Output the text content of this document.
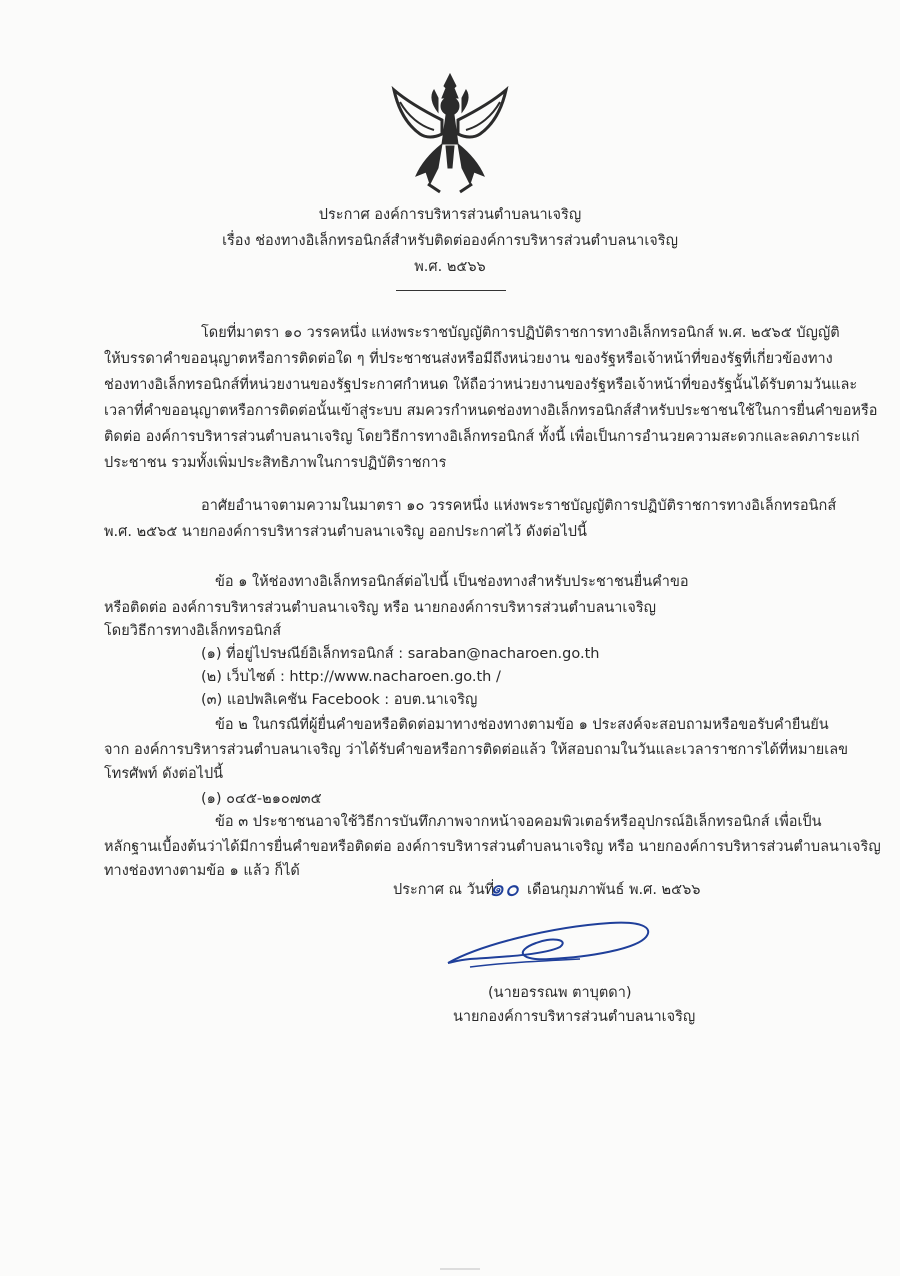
ประกาศ องค์การบริหารส่วนตำบลนาเจริญ
เรื่อง ช่องทางอิเล็กทรอนิกส์สำหรับติดต่อองค์การบริหารส่วนตำบลนาเจริญ
พ.ศ. ๒๕๖๖
โดยที่มาตรา ๑๐ วรรคหนึ่ง แห่งพระราชบัญญัติการปฏิบัติราชการทางอิเล็กทรอนิกส์ พ.ศ. ๒๕๖๕ บัญญัติ
ให้บรรดาคำขออนุญาตหรือการติดต่อใด ๆ ที่ประชาชนส่งหรือมีถึงหน่วยงาน ของรัฐหรือเจ้าหน้าที่ของรัฐที่เกี่ยวข้องทาง
ช่องทางอิเล็กทรอนิกส์ที่หน่วยงานของรัฐประกาศกำหนด ให้ถือว่าหน่วยงานของรัฐหรือเจ้าหน้าที่ของรัฐนั้นได้รับตามวันและ
เวลาที่คำขออนุญาตหรือการติดต่อนั้นเข้าสู่ระบบ สมควรกำหนดช่องทางอิเล็กทรอนิกส์สำหรับประชาชนใช้ในการยื่นคำขอหรือ
ติดต่อ องค์การบริหารส่วนตำบลนาเจริญ โดยวิธีการทางอิเล็กทรอนิกส์ ทั้งนี้ เพื่อเป็นการอำนวยความสะดวกและลดภาระแก่
ประชาชน รวมทั้งเพิ่มประสิทธิภาพในการปฏิบัติราชการ
อาศัยอำนาจตามความในมาตรา ๑๐ วรรคหนึ่ง แห่งพระราชบัญญัติการปฏิบัติราชการทางอิเล็กทรอนิกส์
พ.ศ. ๒๕๖๕ นายกองค์การบริหารส่วนตำบลนาเจริญ ออกประกาศไว้ ดังต่อไปนี้
ข้อ ๑ ให้ช่องทางอิเล็กทรอนิกส์ต่อไปนี้ เป็นช่องทางสำหรับประชาชนยื่นคำขอ
หรือติดต่อ องค์การบริหารส่วนตำบลนาเจริญ หรือ นายกองค์การบริหารส่วนตำบลนาเจริญ
โดยวิธีการทางอิเล็กทรอนิกส์
(๑) ที่อยู่ไปรษณีย์อิเล็กทรอนิกส์ : saraban@nacharoen.go.th
(๒) เว็บไซต์ : http://www.nacharoen.go.th /
(๓) แอปพลิเคชัน Facebook : อบต.นาเจริญ
ข้อ ๒ ในกรณีที่ผู้ยื่นคำขอหรือติดต่อมาทางช่องทางตามข้อ ๑ ประสงค์จะสอบถามหรือขอรับคำยืนยัน
จาก องค์การบริหารส่วนตำบลนาเจริญ ว่าได้รับคำขอหรือการติดต่อแล้ว ให้สอบถามในวันและเวลาราชการได้ที่หมายเลข
โทรศัพท์ ดังต่อไปนี้
(๑) ๐๔๕-๒๑๐๗๓๕
ข้อ ๓ ประชาชนอาจใช้วิธีการบันทึกภาพจากหน้าจอคอมพิวเตอร์หรืออุปกรณ์อิเล็กทรอนิกส์ เพื่อเป็น
หลักฐานเบื้องต้นว่าได้มีการยื่นคำขอหรือติดต่อ องค์การบริหารส่วนตำบลนาเจริญ หรือ นายกองค์การบริหารส่วนตำบลนาเจริญ
ทางช่องทางตามข้อ ๑ แล้ว ก็ได้
ประกาศ ณ วันที่
๑๐ เดือนกุมภาพันธ์ พ.ศ. ๒๕๖๖
(นายอรรณพ ตาบุตดา)
นายกองค์การบริหารส่วนตำบลนาเจริญ
